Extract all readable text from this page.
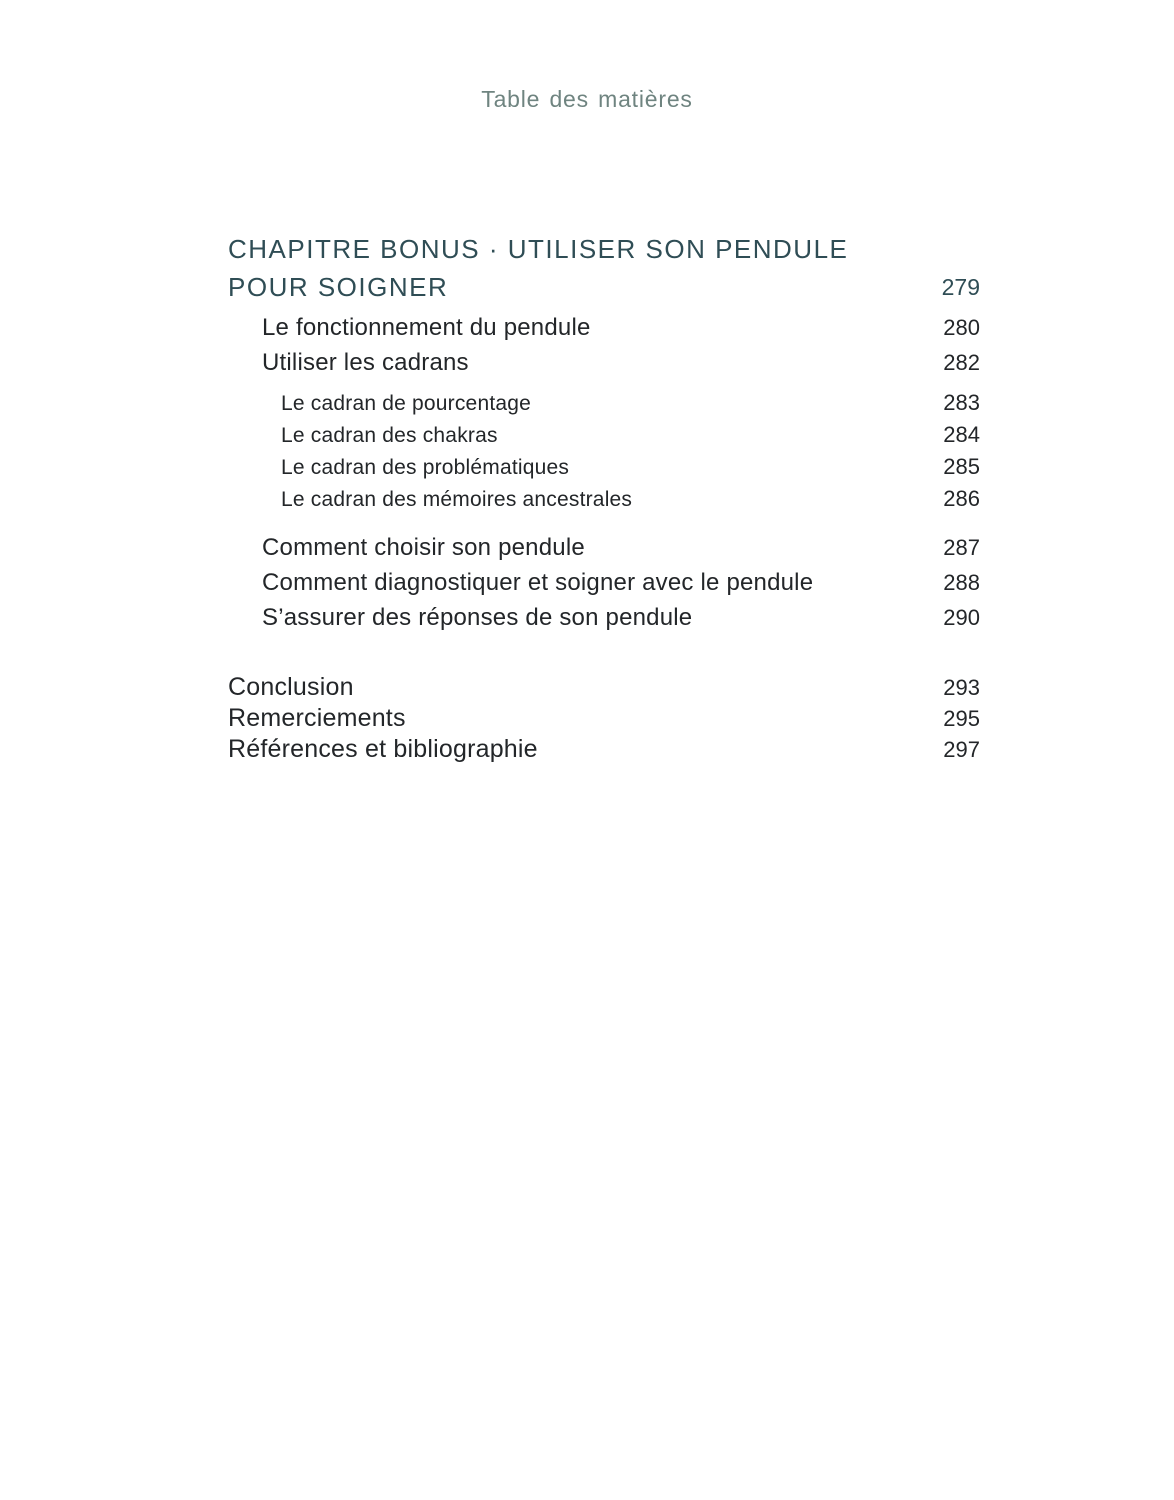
Table des matières
CHAPITRE BONUS · UTILISER SON PENDULE
POUR SOIGNER	279
Le fonctionnement du pendule	280
Utiliser les cadrans	282
Le cadran de pourcentage	283
Le cadran des chakras	284
Le cadran des problématiques	285
Le cadran des mémoires ancestrales	286
Comment choisir son pendule	287
Comment diagnostiquer et soigner avec le pendule	288
S’assurer des réponses de son pendule	290
Conclusion	293
Remerciements	295
Références et bibliographie	297
